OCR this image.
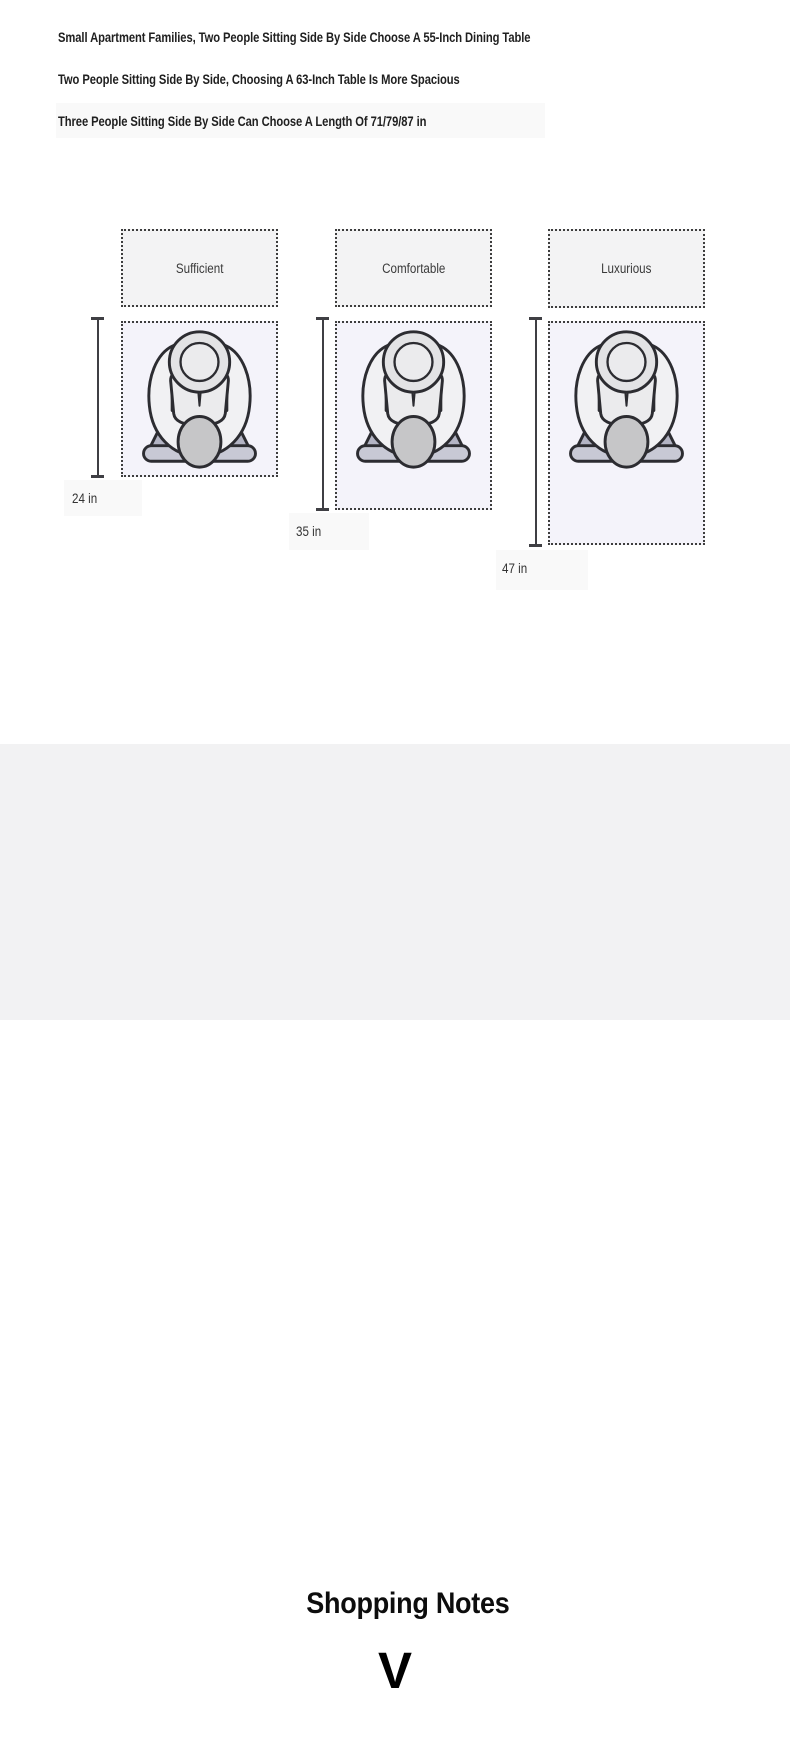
Small Apartment Families, Two People Sitting Side By Side Choose A 55-Inch Dining Table
Two People Sitting Side By Side, Choosing A 63-Inch Table Is More Spacious
Three People Sitting Side By Side Can Choose A Length Of 71/79/87 in
Sufficient
24 in
Comfortable
35 in
Luxurious
47 in
Shopping Notes
V
